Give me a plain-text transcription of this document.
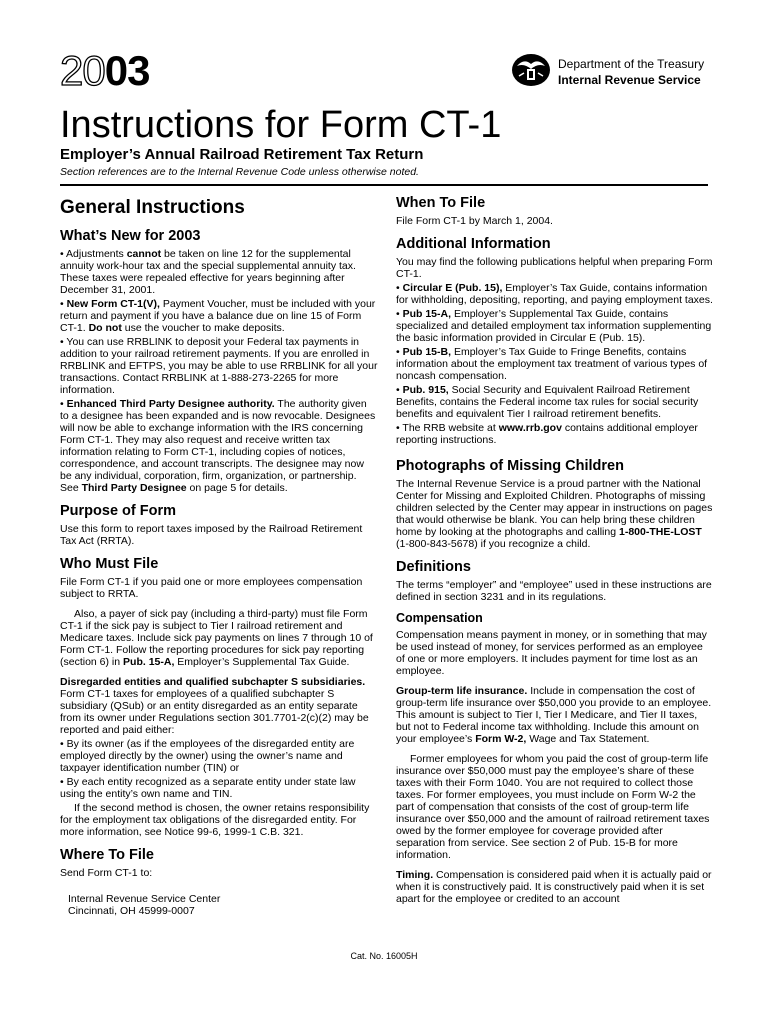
2003	Department of the Treasury
Internal Revenue Service
Instructions for Form CT-1
Employer’s Annual Railroad Retirement Tax Return
Section references are to the Internal Revenue Code unless otherwise noted.
General Instructions
What’s New for 2003

• Adjustments cannot be taken on line 12 for the supplemental annuity work-hour tax and the special supplemental annuity tax. These taxes were repealed effective for years beginning after December 31, 2001.

• New Form CT-1(V), Payment Voucher, must be included with your return and payment if you have a balance due on line 15 of Form CT-1. Do not use the voucher to make deposits.

• You can use RRBLINK to deposit your Federal tax payments in addition to your railroad retirement payments. If you are enrolled in RRBLINK and EFTPS, you may be able to use RRBLINK for all your transactions. Contact RRBLINK at 1-888-273-2265 for more information.

• Enhanced Third Party Designee authority. The authority given to a designee has been expanded and is now revocable. Designees will now be able to exchange information with the IRS concerning Form CT-1. They may also request and receive written tax information relating to Form CT-1, including copies of notices, correspondence, and account transcripts. The designee may now be any individual, corporation, firm, organization, or partnership. See Third Party Designee on page 5 for details.

Purpose of Form

Use this form to report taxes imposed by the Railroad Retirement Tax Act (RRTA).

Who Must File

File Form CT-1 if you paid one or more employees compensation subject to RRTA.

Also, a payer of sick pay (including a third-party) must file Form CT-1 if the sick pay is subject to Tier I railroad retirement and Medicare taxes. Include sick pay payments on lines 7 through 10 of Form CT-1. Follow the reporting procedures for sick pay reporting (section 6) in Pub. 15-A, Employer’s Supplemental Tax Guide.

Disregarded entities and qualified subchapter S subsidiaries. Form CT-1 taxes for employees of a qualified subchapter S subsidiary (QSub) or an entity disregarded as an entity separate from its owner under Regulations section 301.7701-2(c)(2) may be reported and paid either:

• By its owner (as if the employees of the disregarded entity are employed directly by the owner) using the owner’s name and taxpayer identification number (TIN) or

• By each entity recognized as a separate entity under state law using the entity’s own name and TIN.

If the second method is chosen, the owner retains responsibility for the employment tax obligations of the disregarded entity. For more information, see Notice 99-6, 1999-1 C.B. 321.

Where To File

Send Form CT-1 to:

Internal Revenue Service Center
Cincinnati, OH 45999-0007
When To File

File Form CT-1 by March 1, 2004.

Additional Information

You may find the following publications helpful when preparing Form CT-1.

• Circular E (Pub. 15), Employer’s Tax Guide, contains information for withholding, depositing, reporting, and paying employment taxes.

• Pub 15-A, Employer’s Supplemental Tax Guide, contains specialized and detailed employment tax information supplementing the basic information provided in Circular E (Pub. 15).

• Pub 15-B, Employer’s Tax Guide to Fringe Benefits, contains information about the employment tax treatment of various types of noncash compensation.

• Pub. 915, Social Security and Equivalent Railroad Retirement Benefits, contains the Federal income tax rules for social security benefits and equivalent Tier I railroad retirement benefits.

• The RRB website at www.rrb.gov contains additional employer reporting instructions.

Photographs of Missing Children

The Internal Revenue Service is a proud partner with the National Center for Missing and Exploited Children. Photographs of missing children selected by the Center may appear in instructions on pages that would otherwise be blank. You can help bring these children home by looking at the photographs and calling 1-800-THE-LOST (1-800-843-5678) if you recognize a child.

Definitions

The terms “employer” and “employee” used in these instructions are defined in section 3231 and in its regulations.

Compensation

Compensation means payment in money, or in something that may be used instead of money, for services performed as an employee of one or more employers. It includes payment for time lost as an employee.

Group-term life insurance. Include in compensation the cost of group-term life insurance over $50,000 you provide to an employee. This amount is subject to Tier I, Tier I Medicare, and Tier II taxes, but not to Federal income tax withholding. Include this amount on your employee’s Form W-2, Wage and Tax Statement.

Former employees for whom you paid the cost of group-term life insurance over $50,000 must pay the employee’s share of these taxes with their Form 1040. You are not required to collect those taxes. For former employees, you must include on Form W-2 the part of compensation that consists of the cost of group-term life insurance over $50,000 and the amount of railroad retirement taxes owed by the former employee for coverage provided after separation from service. See section 2 of Pub. 15-B for more information.

Timing. Compensation is considered paid when it is actually paid or when it is constructively paid. It is constructively paid when it is set apart for the employee or credited to an account

Cat. No. 16005H
